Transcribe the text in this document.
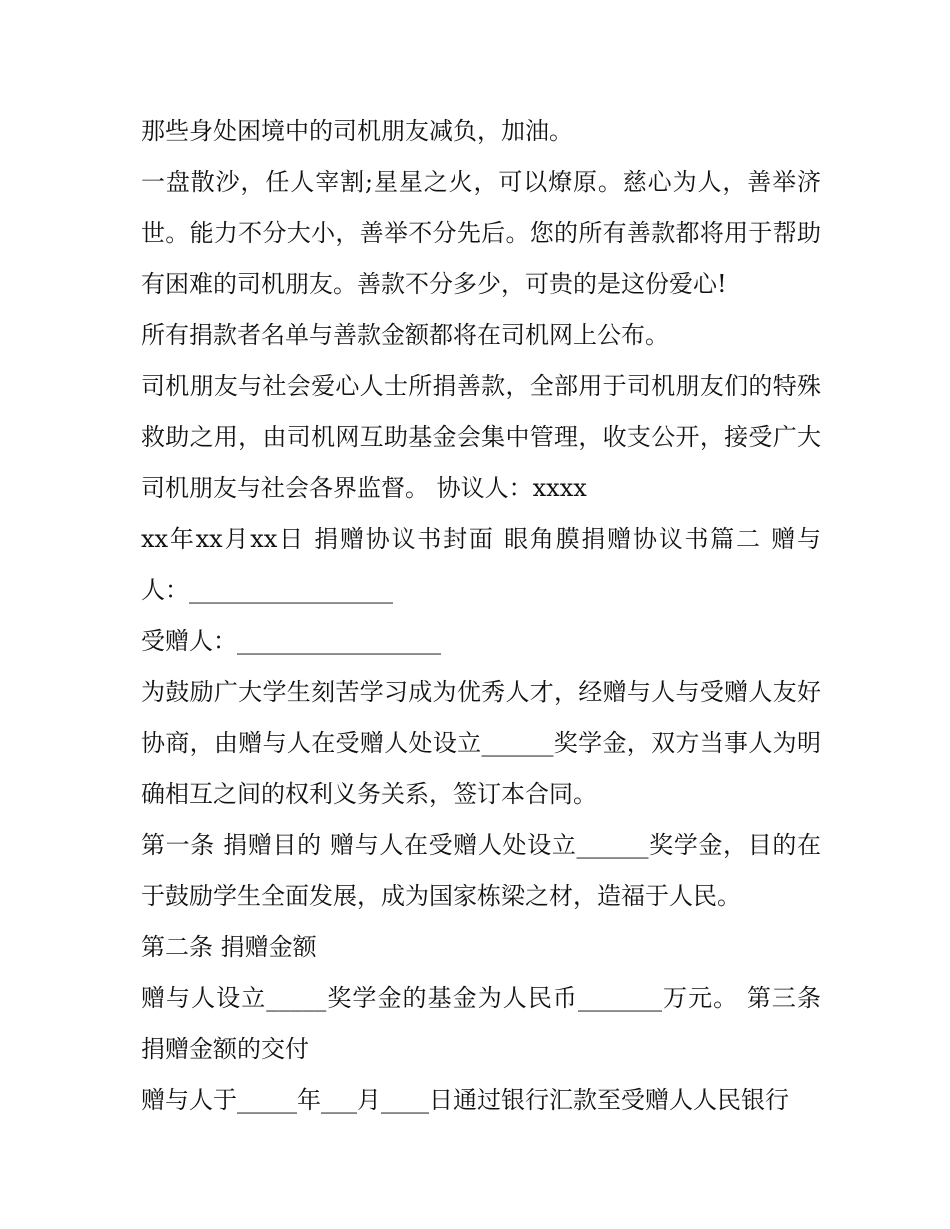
那些身处困境中的司机朋友减负，加油。

一盘散沙，任人宰割;星星之火，可以燎原。慈心为人，善举济世。能力不分大小，善举不分先后。您的所有善款都将用于帮助有困难的司机朋友。善款不分多少，可贵的是这份爱心!

所有捐款者名单与善款金额都将在司机网上公布。

司机朋友与社会爱心人士所捐善款，全部用于司机朋友们的特殊救助之用，由司机网互助基金会集中管理，收支公开，接受广大司机朋友与社会各界监督。 协议人：xxxx

xx年xx月xx日 捐赠协议书封面 眼角膜捐赠协议书篇二 赠与人：_________________

受赠人：_________________

为鼓励广大学生刻苦学习成为优秀人才，经赠与人与受赠人友好协商，由赠与人在受赠人处设立______奖学金，双方当事人为明确相互之间的权利义务关系，签订本合同。

第一条 捐赠目的 赠与人在受赠人处设立______奖学金，目的在于鼓励学生全面发展，成为国家栋梁之材，造福于人民。

第二条 捐赠金额

赠与人设立_____奖学金的基金为人民币_______万元。 第三条 捐赠金额的交付

赠与人于_____年___月____日通过银行汇款至受赠人人民银行
